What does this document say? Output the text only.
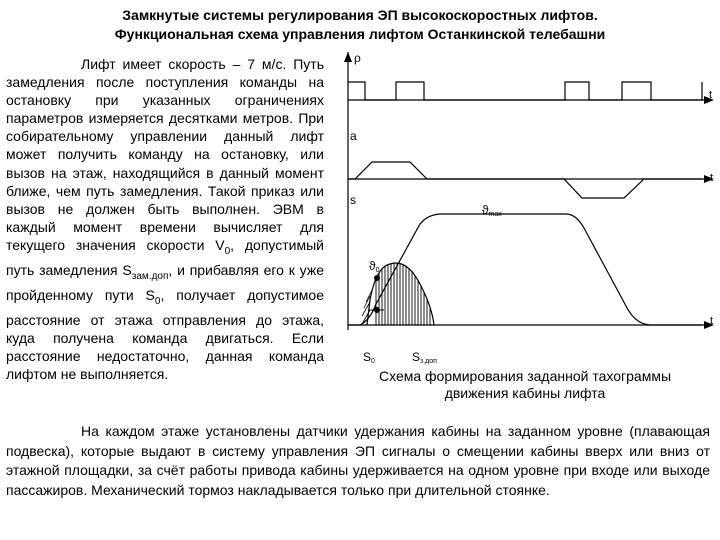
Замкнутые системы регулирования ЭП высокоскоростных лифтов.
Функциональная схема управления лифтом Останкинской телебашни
Лифт имеет скорость – 7 м/с. Путь замедления после поступления команды на остановку при указанных ограничениях параметров измеряется десятками метров. При собирательному управлении данный лифт может получить команду на остановку, или вызов на этаж, находящийся в данный момент ближе, чем путь замедления. Такой приказ или вызов не должен быть выполнен. ЭВМ в каждый момент времени вычисляет для текущего значения скорости $V_0$, допустимый путь замедления $S_{зам.доп}$, и прибавляя его к уже пройденному пути $S_0$, получает допустимое расстояние от этажа отправления до этажа, куда получена команда двигаться. Если расстояние недостаточно, данная команда лифтом не выполняется.
ρ
t
a
t
s
ϑmax
t
ϑ0
S0	Sз.доп
Схема формирования заданной тахограммы
движения кабины лифта
На каждом этаже установлены датчики удержания кабины на заданном уровне (плавающая подвеска), которые выдают в систему управления ЭП сигналы о смещении кабины вверх или вниз от этажной площадки, за счёт работы привода кабины удерживается на одном уровне при входе или выходе пассажиров. Механический тормоз накладывается только при длительной стоянке.
